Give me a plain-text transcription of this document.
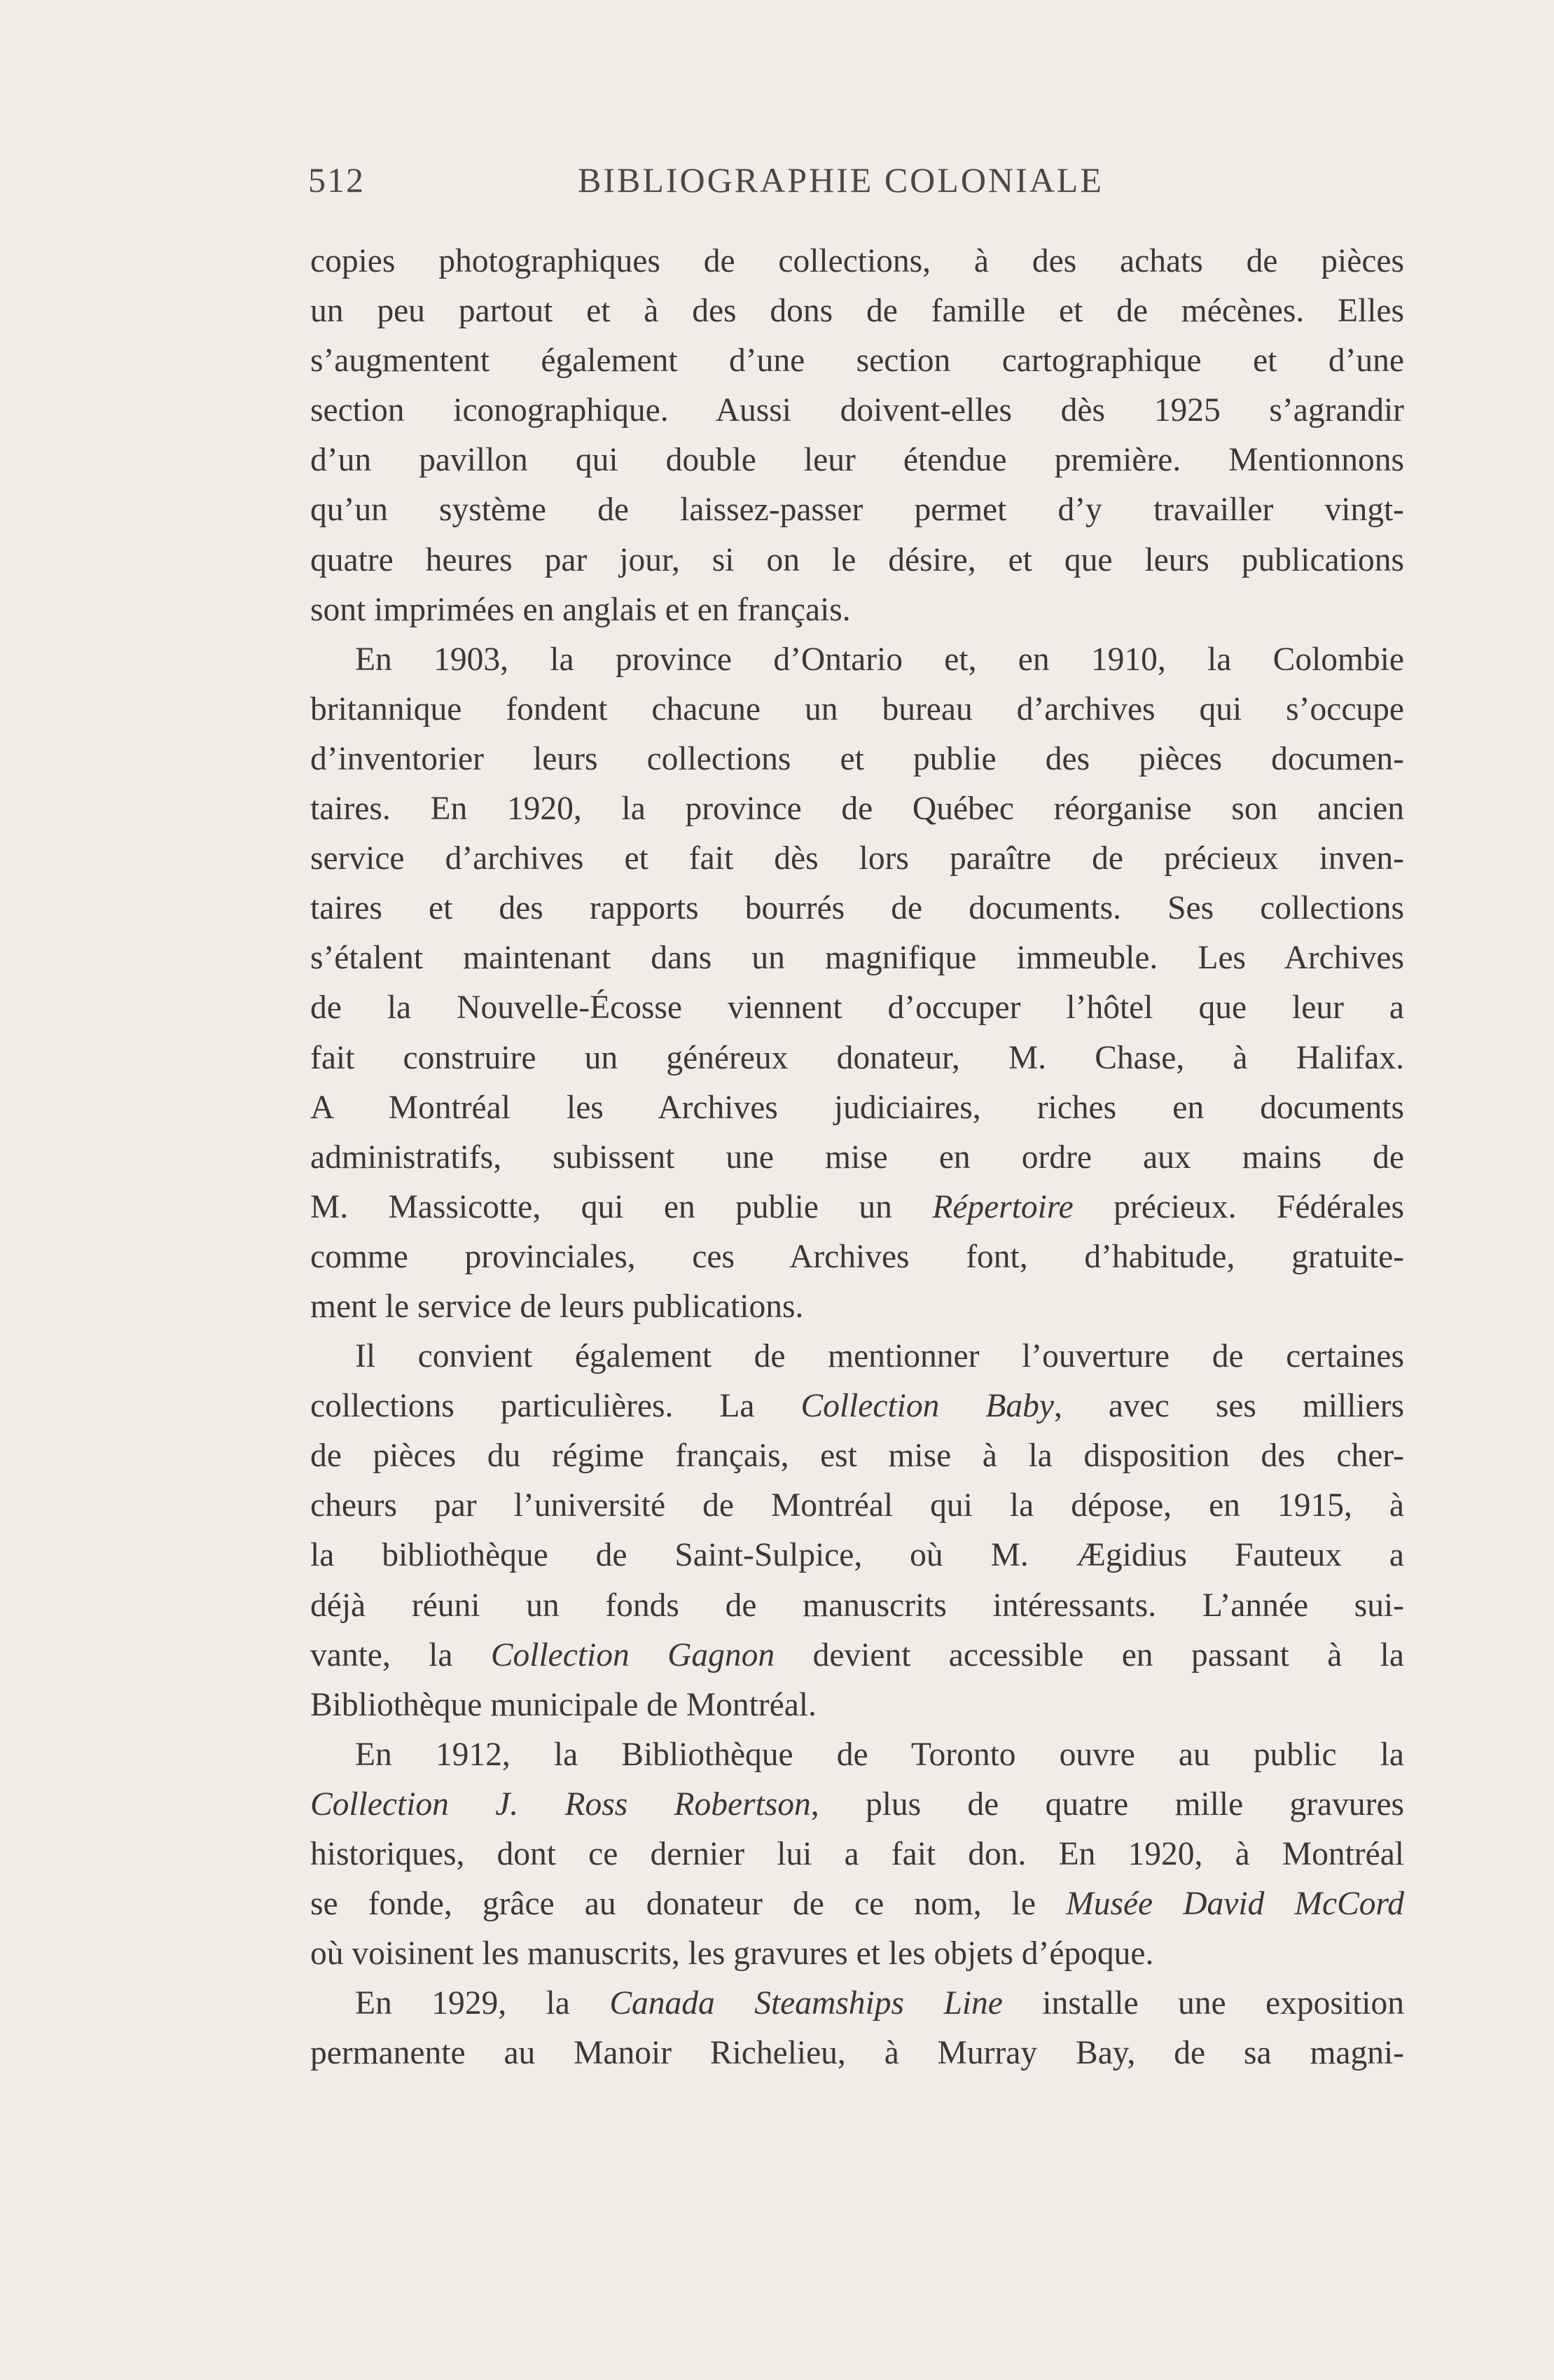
512	BIBLIOGRAPHIE COLONIALE
copies photographiques de collections, à des achats de pièces
un peu partout et à des dons de famille et de mécènes. Elles
s’augmentent également d’une section cartographique et d’une
section iconographique. Aussi doivent-elles dès 1925 s’agrandir
d’un pavillon qui double leur étendue première. Mentionnons
qu’un système de laissez-passer permet d’y travailler vingt-
quatre heures par jour, si on le désire, et que leurs publications
sont imprimées en anglais et en français.
En 1903, la province d’Ontario et, en 1910, la Colombie
britannique fondent chacune un bureau d’archives qui s’occupe
d’inventorier leurs collections et publie des pièces documen-
taires. En 1920, la province de Québec réorganise son ancien
service d’archives et fait dès lors paraître de précieux inven-
taires et des rapports bourrés de documents. Ses collections
s’étalent maintenant dans un magnifique immeuble. Les Archives
de la Nouvelle-Écosse viennent d’occuper l’hôtel que leur a
fait construire un généreux donateur, M. Chase, à Halifax.
A Montréal les Archives judiciaires, riches en documents
administratifs, subissent une mise en ordre aux mains de
M. Massicotte, qui en publie un Répertoire précieux. Fédérales
comme provinciales, ces Archives font, d’habitude, gratuite-
ment le service de leurs publications.
Il convient également de mentionner l’ouverture de certaines
collections particulières. La Collection Baby, avec ses milliers
de pièces du régime français, est mise à la disposition des cher-
cheurs par l’université de Montréal qui la dépose, en 1915, à
la bibliothèque de Saint-Sulpice, où M. Ægidius Fauteux a
déjà réuni un fonds de manuscrits intéressants. L’année sui-
vante, la Collection Gagnon devient accessible en passant à la
Bibliothèque municipale de Montréal.
En 1912, la Bibliothèque de Toronto ouvre au public la
Collection J. Ross Robertson, plus de quatre mille gravures
historiques, dont ce dernier lui a fait don. En 1920, à Montréal
se fonde, grâce au donateur de ce nom, le Musée David McCord
où voisinent les manuscrits, les gravures et les objets d’époque.
En 1929, la Canada Steamships Line installe une exposition
permanente au Manoir Richelieu, à Murray Bay, de sa magni-
